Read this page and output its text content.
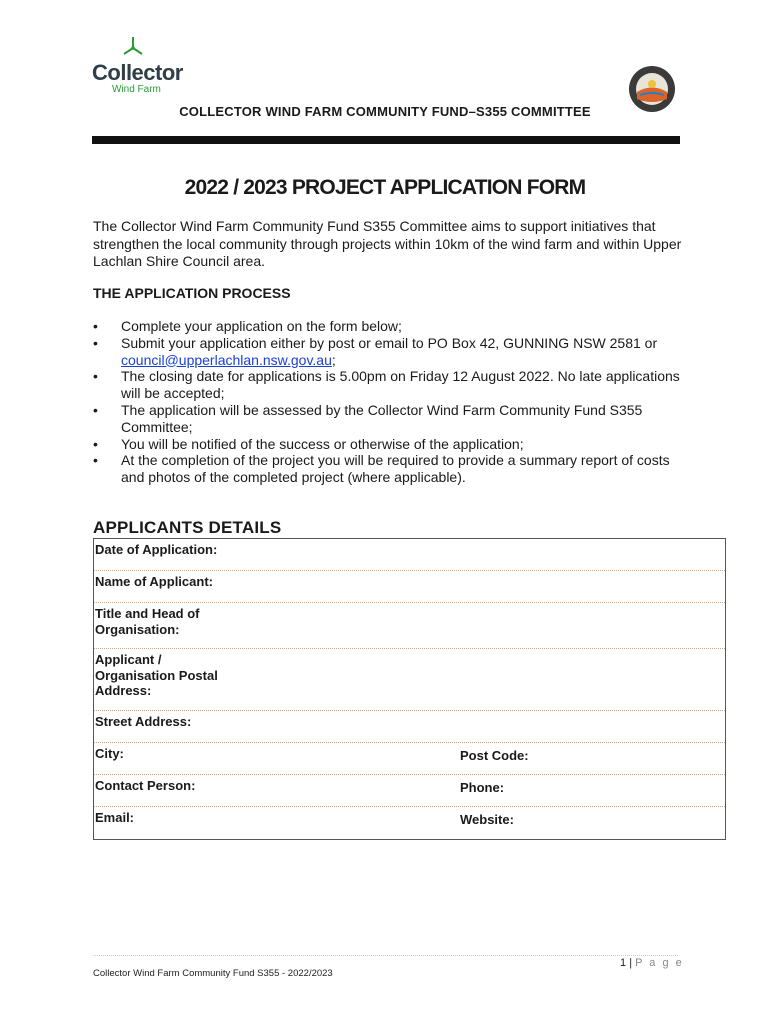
Collector
Wind Farm
COLLECTOR WIND FARM COMMUNITY FUND–S355 COMMITTEE
2022 / 2023 PROJECT APPLICATION FORM
The Collector Wind Farm Community Fund S355 Committee aims to support initiatives that strengthen the local community through projects within 10km of the wind farm and within Upper Lachlan Shire Council area.
THE APPLICATION PROCESS
• Complete your application on the form below;
• Submit your application either by post or email to PO Box 42, GUNNING NSW 2581 or council@upperlachlan.nsw.gov.au;
• The closing date for applications is 5.00pm on Friday 12 August 2022. No late applications will be accepted;
• The application will be assessed by the Collector Wind Farm Community Fund S355 Committee;
• You will be notified of the success or otherwise of the application;
• At the completion of the project you will be required to provide a summary report of costs and photos of the completed project (where applicable).
APPLICANTS DETAILS
Date of Application:
Name of Applicant:
Title and Head of Organisation:
Applicant / Organisation Postal Address:
Street Address:
City:	Post Code:
Contact Person:	Phone:
Email:	Website:
1 | P a g e
Collector Wind Farm Community Fund S355 - 2022/2023
